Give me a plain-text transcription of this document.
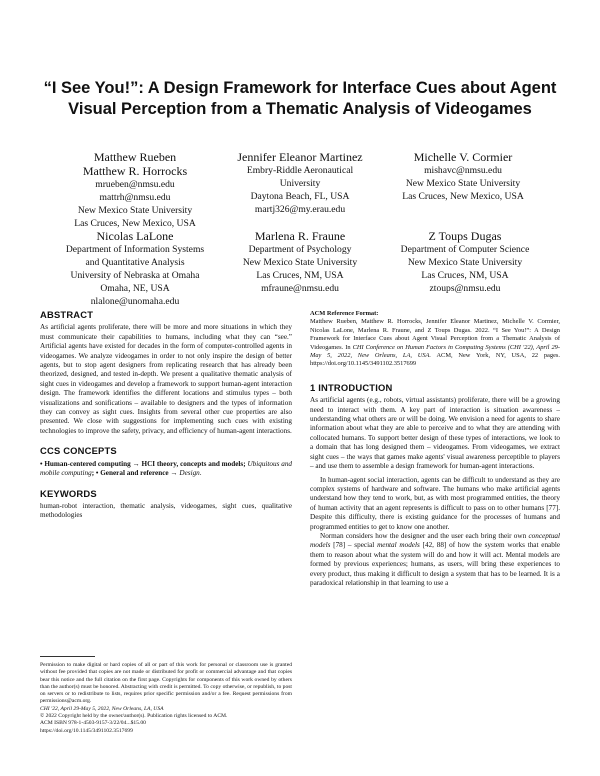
“I See You!”: A Design Framework for Interface Cues about Agent Visual Perception from a Thematic Analysis of Videogames
Matthew Rueben
Matthew R. Horrocks
mrueben@nmsu.edu
mattrh@nmsu.edu
New Mexico State University
Las Cruces, New Mexico, USA
Jennifer Eleanor Martinez
Embry-Riddle Aeronautical
University
Daytona Beach, FL, USA
martj326@my.erau.edu
Michelle V. Cormier
mishavc@nmsu.edu
New Mexico State University
Las Cruces, New Mexico, USA
Nicolas LaLone
Department of Information Systems
and Quantitative Analysis
University of Nebraska at Omaha
Omaha, NE, USA
nlalone@unomaha.edu
Marlena R. Fraune
Department of Psychology
New Mexico State University
Las Cruces, NM, USA
mfraune@nmsu.edu
Z Toups Dugas
Department of Computer Science
New Mexico State University
Las Cruces, NM, USA
ztoups@nmsu.edu
ABSTRACT

As artificial agents proliferate, there will be more and more situations in which they must communicate their capabilities to humans, including what they can “see.” Artificial agents have existed for decades in the form of computer-controlled agents in videogames. We analyze videogames in order to not only inspire the design of better agents, but to stop agent designers from replicating research that has already been theorized, designed, and tested in-depth. We present a qualitative thematic analysis of sight cues in videogames and develop a framework to support human-agent interaction design. The framework identifies the different locations and stimulus types – both visualizations and sonifications – available to designers and the types of information they can convey as sight cues. Insights from several other cue properties are also presented. We close with suggestions for implementing such cues with existing technologies to improve the safety, privacy, and efficiency of human-agent interactions.

CCS CONCEPTS

• Human-centered computing → HCI theory, concepts and models; Ubiquitous and mobile computing; • General and reference → Design.

KEYWORDS

human-robot interaction, thematic analysis, videogames, sight cues, qualitative methodologies

Permission to make digital or hard copies of all or part of this work for personal or classroom use is granted without fee provided that copies are not made or distributed for profit or commercial advantage and that copies bear this notice and the full citation on the first page. Copyrights for components of this work owned by others than the author(s) must be honored. Abstracting with credit is permitted. To copy otherwise, or republish, to post on servers or to redistribute to lists, requires prior specific permission and/or a fee. Request permissions from permissions@acm.org.

CHI '22, April 29-May 5, 2022, New Orleans, LA, USA

© 2022 Copyright held by the owner/author(s). Publication rights licensed to ACM.

ACM ISBN 978-1-4503-9157-3/22/04...$15.00

https://doi.org/10.1145/3491102.3517699

ACM Reference Format:

Matthew Rueben, Matthew R. Horrocks, Jennifer Eleanor Martinez, Michelle V. Cormier, Nicolas LaLone, Marlena R. Fraune, and Z Toups Dugas. 2022. “I See You!”: A Design Framework for Interface Cues about Agent Visual Perception from a Thematic Analysis of Videogames. In CHI Conference on Human Factors in Computing Systems (CHI '22), April 29-May 5, 2022, New Orleans, LA, USA. ACM, New York, NY, USA, 22 pages. https://doi.org/10.1145/3491102.3517699

1 INTRODUCTION

As artificial agents (e.g., robots, virtual assistants) proliferate, there will be a growing need to interact with them. A key part of interaction is situation awareness – understanding what others are or will be doing. We envision a need for agents to share information about what they are able to perceive and to what they are attending with collocated humans. To support better design of these types of interactions, we look to a domain that has long designed them – videogames. From videogames, we extract sight cues – the ways that games make agents' visual awareness perceptible to players – and use them to assemble a design framework for human-agent interactions.

In human-agent social interaction, agents can be difficult to understand as they are complex systems of hardware and software. The humans who make artificial agents understand how they tend to work, but, as with most programmed entities, the theory of human activity that an agent represents is difficult to pass on to other humans [77]. Despite this difficulty, there is existing guidance for the processes of humans and programmed entities to get to know one another.

Norman considers how the designer and the user each bring their own conceptual models [78] – special mental models [42, 88] of how the system works that enable them to reason about what the system will do and how it will act. Mental models are formed by previous experiences; humans, as users, will bring these experiences to every product, thus making it difficult to design a system that has to be learned. It is a paradoxical relationship in that learning to use a
